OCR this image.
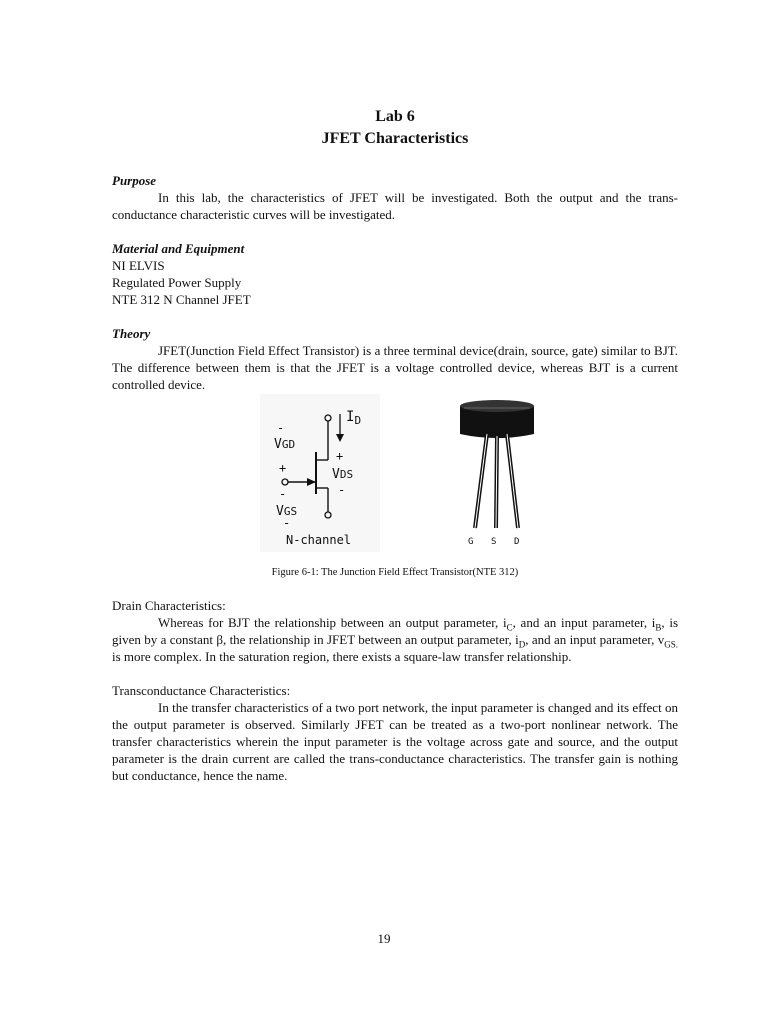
Lab 6
JFET Characteristics
Purpose

In this lab, the characteristics of JFET will be investigated. Both the output and the trans- conductance characteristic curves will be investigated.

Material and Equipment
NI ELVIS
Regulated Power Supply
NTE 312 N Channel JFET
Theory

JFET(Junction Field Effect Transistor) is a three terminal device(drain, source, gate) similar to BJT. The difference between them is that the JFET is a voltage controlled device, whereas BJT is a current controlled device.

$I_D$
-
VGD
+
VDS
-
+
-
VGS
-
N-channel	G S D
Figure 6-1: The Junction Field Effect Transistor(NTE 312)
Drain Characteristics:

Whereas for BJT the relationship between an output parameter, $i_C$, and an input parameter, $i_B$, is given by a constant β, the relationship in JFET between an output parameter, $i_D$, and an input parameter, $v_{GS.}$ is more complex. In the saturation region, there exists a square-law transfer relationship.

Transconductance Characteristics:

In the transfer characteristics of a two port network, the input parameter is changed and its effect on the output parameter is observed. Similarly JFET can be treated as a two-port nonlinear network. The transfer characteristics wherein the input parameter is the voltage across gate and source, and the output parameter is the drain current are called the trans-conductance characteristics. The transfer gain is nothing but conductance, hence the name.

19
